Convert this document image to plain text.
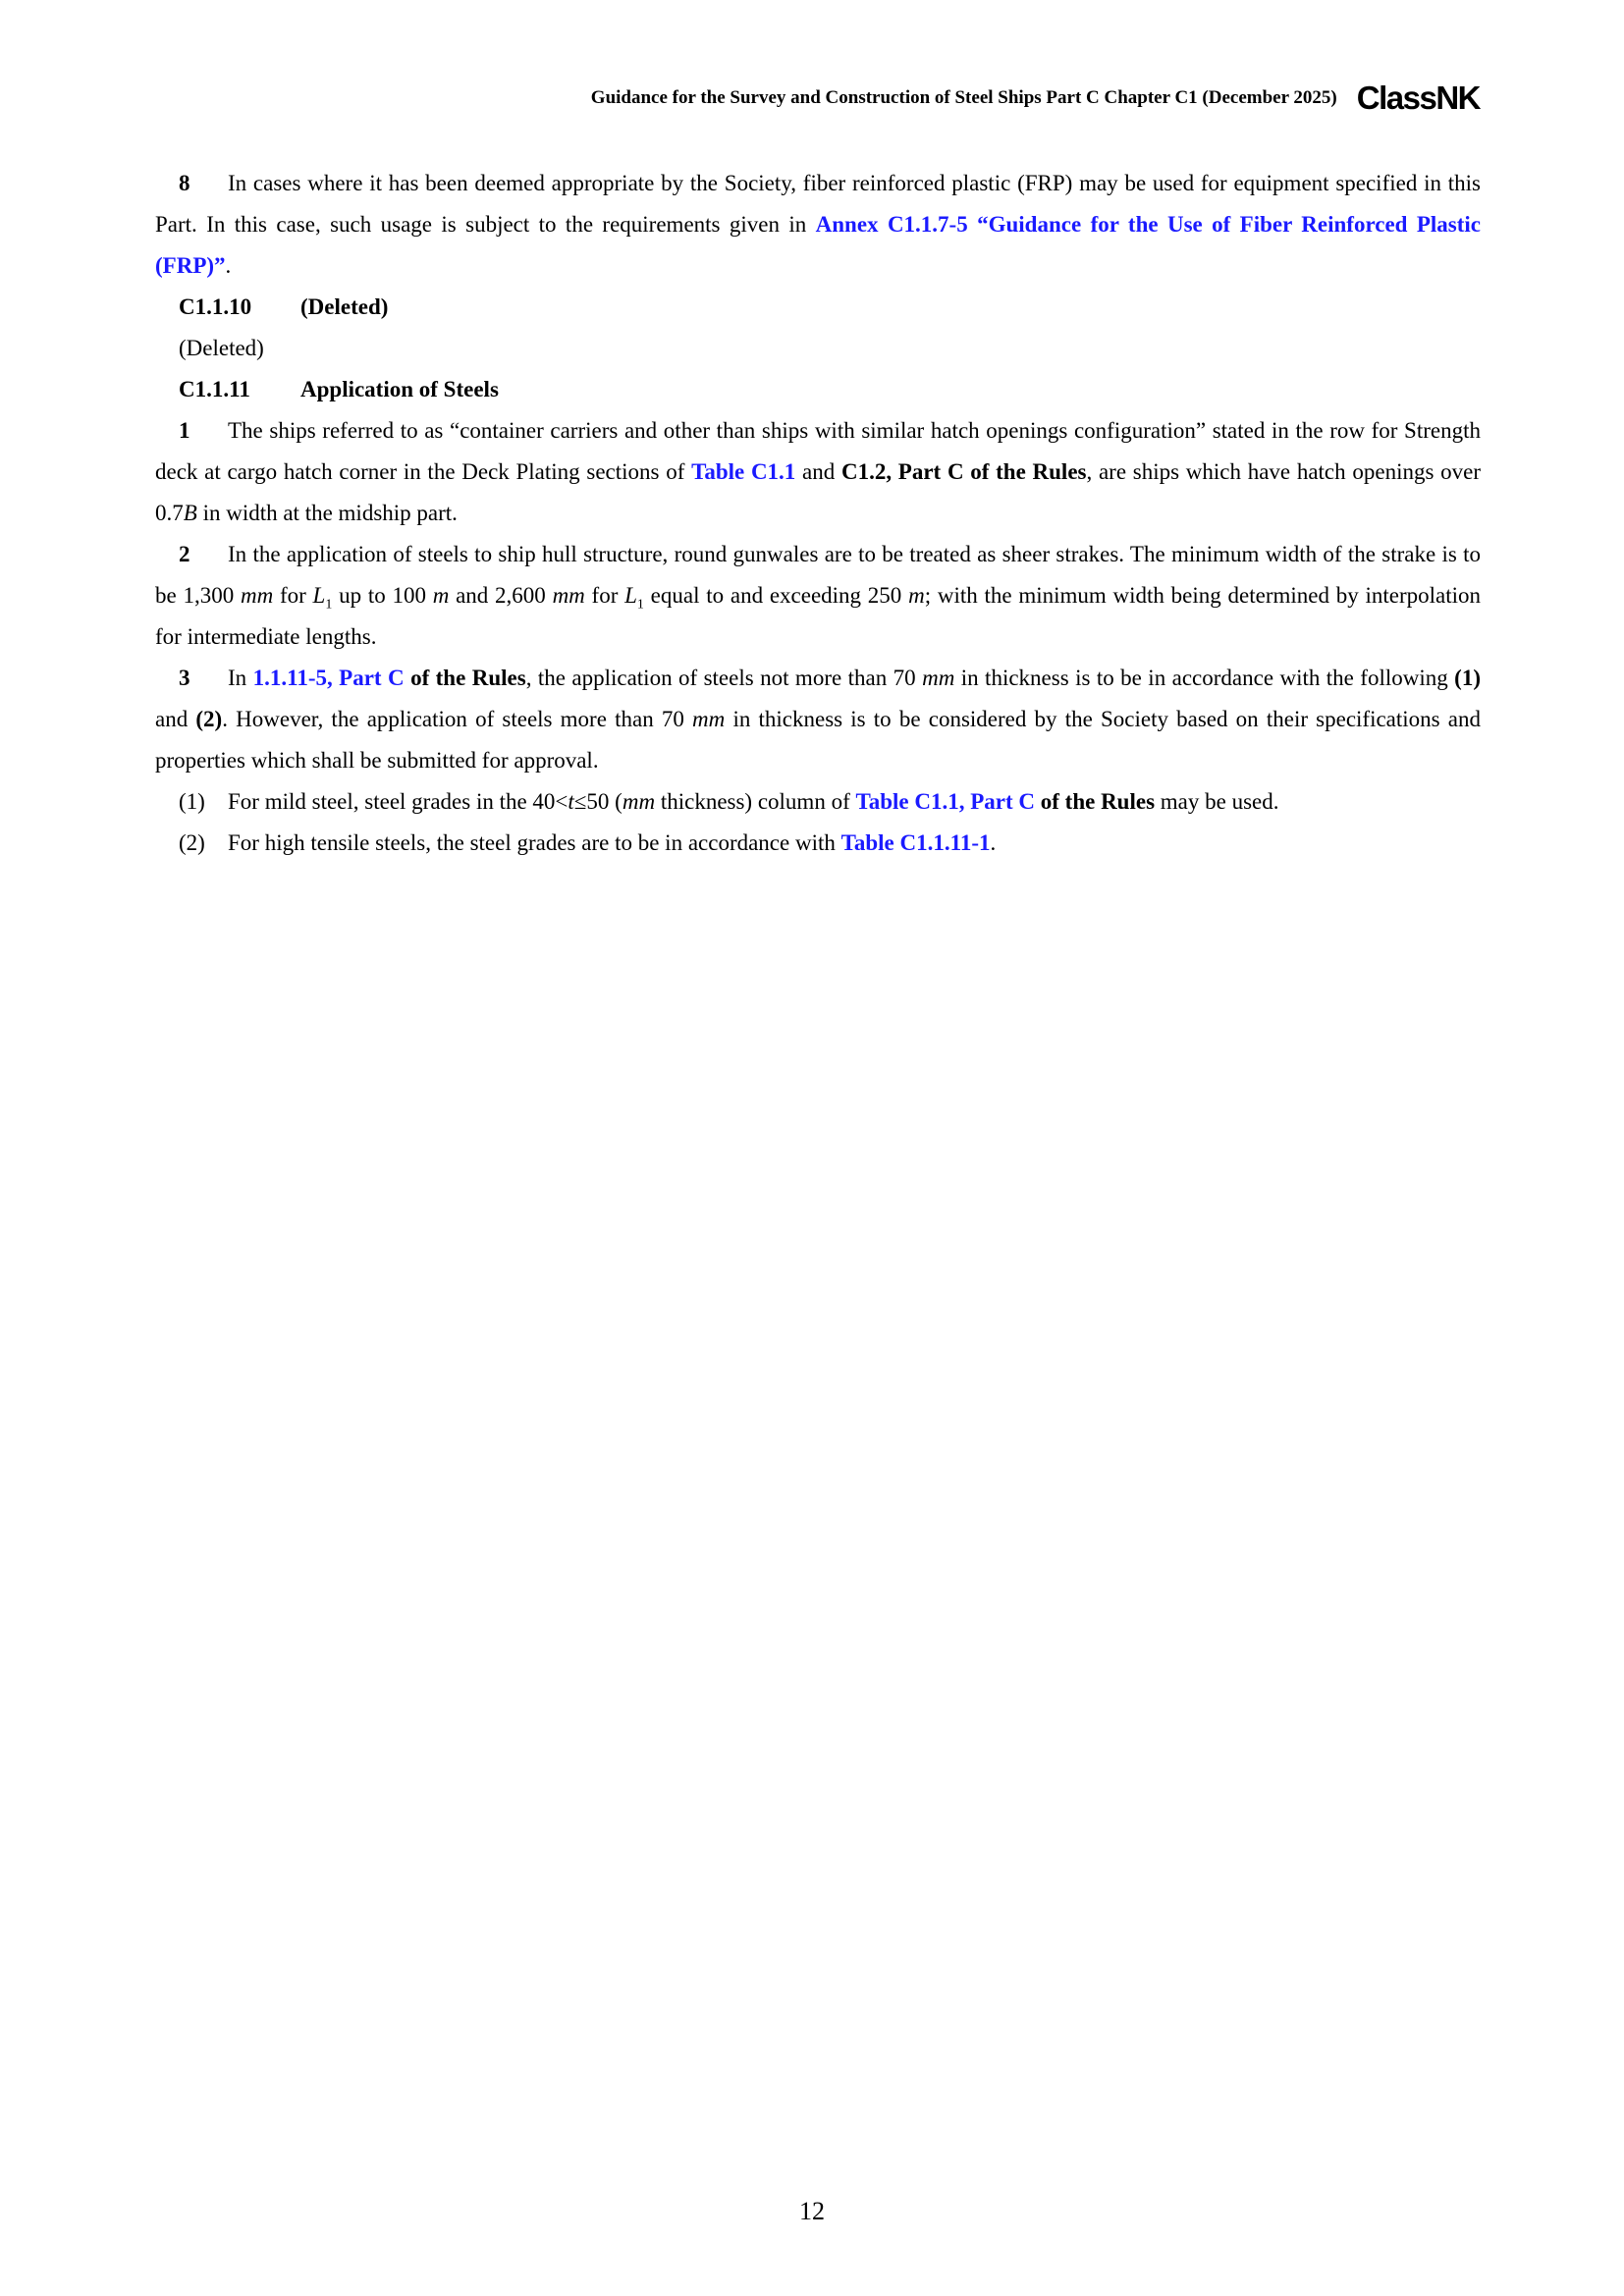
Guidance for the Survey and Construction of Steel Ships Part C Chapter C1 (December 2025) ClassNK

8 In cases where it has been deemed appropriate by the Society, fiber reinforced plastic (FRP) may be used for equipment specified in this Part. In this case, such usage is subject to the requirements given in Annex C1.1.7-5 “Guidance for the Use of Fiber Reinforced Plastic (FRP)”.

C1.1.10 (Deleted)

(Deleted)

C1.1.11 Application of Steels

1 The ships referred to as “container carriers and other than ships with similar hatch openings configuration” stated in the row for Strength deck at cargo hatch corner in the Deck Plating sections of Table C1.1 and C1.2, Part C of the Rules, are ships which have hatch openings over 0.7B in width at the midship part.

2 In the application of steels to ship hull structure, round gunwales are to be treated as sheer strakes. The minimum width of the strake is to be 1,300 mm for $L_1$ up to 100 m and 2,600 mm for $L_1$ equal to and exceeding 250 m; with the minimum width being determined by interpolation for intermediate lengths.

3 In 1.1.11-5, Part C of the Rules, the application of steels not more than 70 mm in thickness is to be in accordance with the following (1) and (2). However, the application of steels more than 70 mm in thickness is to be considered by the Society based on their specifications and properties which shall be submitted for approval.

(1) For mild steel, steel grades in the 40<t≤50 (mm thickness) column of Table C1.1, Part C of the Rules may be used.

(2) For high tensile steels, the steel grades are to be in accordance with Table C1.1.11-1.

12
